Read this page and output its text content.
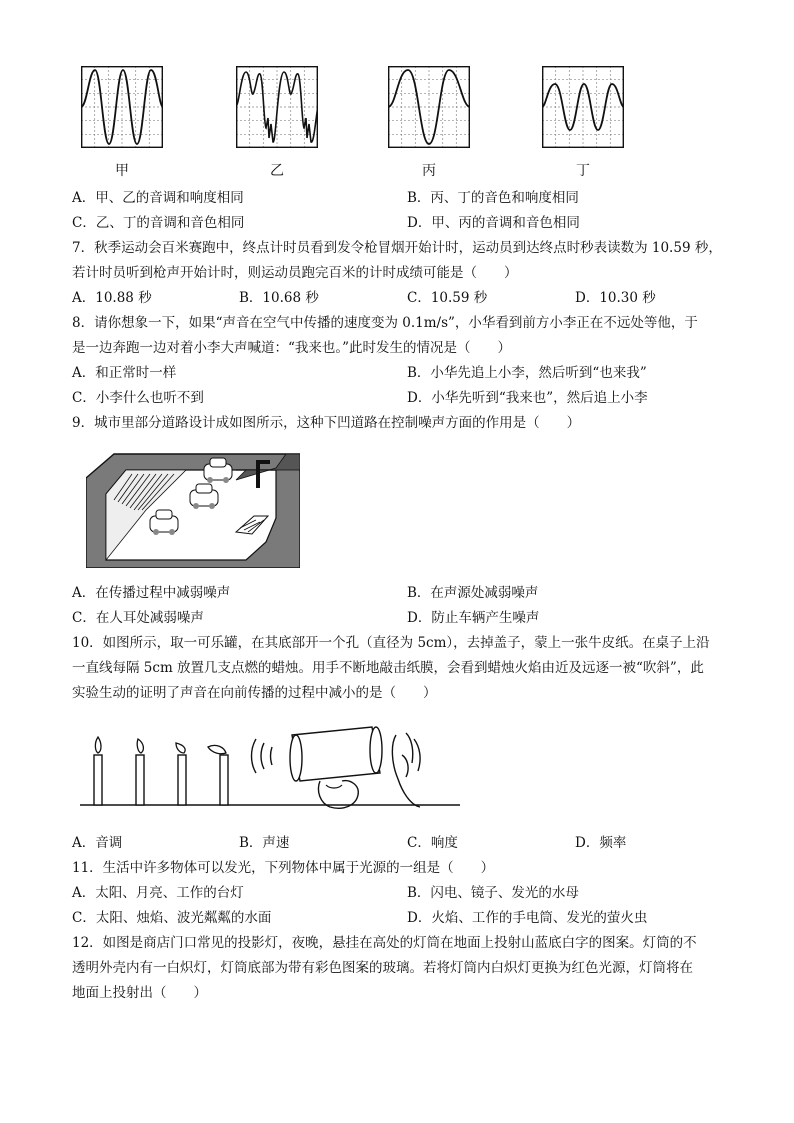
甲	乙	丙	丁
A．甲、乙的音调和响度相同	B．丙、丁的音色和响度相同
C．乙、丁的音调和音色相同	D．甲、丙的音调和音色相同
7．秋季运动会百米赛跑中，终点计时员看到发令枪冒烟开始计时，运动员到达终点时秒表读数为 10.59 秒，
若计时员听到枪声开始计时，则运动员跑完百米的计时成绩可能是（　　）
A．10.88 秒	B．10.68 秒	C．10.59 秒	D．10.30 秒
8．请你想象一下，如果“声音在空气中传播的速度变为 0.1m/s”，小华看到前方小李正在不远处等他，于
是一边奔跑一边对着小李大声喊道：“我来也。”此时发生的情况是（　　）
A．和正常时一样	B．小华先追上小李，然后听到“也来我”
C．小李什么也听不到	D．小华先听到“我来也”，然后追上小李
9．城市里部分道路设计成如图所示，这种下凹道路在控制噪声方面的作用是（　　）
A．在传播过程中减弱噪声	B．在声源处减弱噪声
C．在人耳处减弱噪声	D．防止车辆产生噪声
10．如图所示，取一可乐罐，在其底部开一个孔（直径为 5cm），去掉盖子，蒙上一张牛皮纸。在桌子上沿
一直线每隔 5cm 放置几支点燃的蜡烛。用手不断地敲击纸膜，会看到蜡烛火焰由近及远逐一被“吹斜”，此
实验生动的证明了声音在向前传播的过程中减小的是（　　）
A．音调	B．声速	C．响度	D．频率
11．生活中许多物体可以发光，下列物体中属于光源的一组是（　　）
A．太阳、月亮、工作的台灯	B．闪电、镜子、发光的水母
C．太阳、烛焰、波光粼粼的水面	D．火焰、工作的手电筒、发光的萤火虫
12．如图是商店门口常见的投影灯，夜晚，悬挂在高处的灯筒在地面上投射山蓝底白字的图案。灯筒的不
透明外壳内有一白炽灯，灯筒底部为带有彩色图案的玻璃。若将灯筒内白炽灯更换为红色光源，灯筒将在
地面上投射出（　　）
